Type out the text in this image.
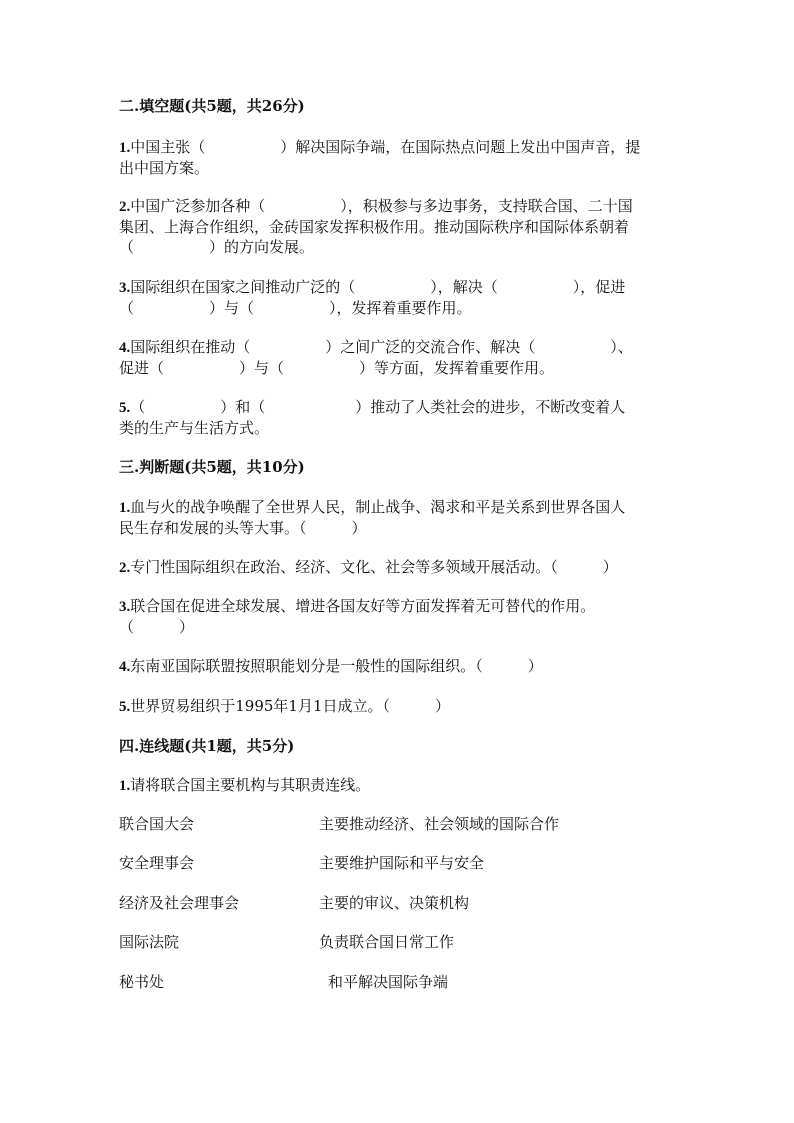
二.填空题(共5题，共26分)
1.中国主张（　　　　　）解决国际争端，在国际热点问题上发出中国声音，提
出中国方案。
2.中国广泛参加各种（　　　　　），积极参与多边事务，支持联合国、二十国
集团、上海合作组织，金砖国家发挥积极作用。推动国际秩序和国际体系朝着
（　　　　　）的方向发展。
3.国际组织在国家之间推动广泛的（　　　　　），解决（　　　　　），促进
（　　　　　）与（　　　　　），发挥着重要作用。
4.国际组织在推动（　　　　　）之间广泛的交流合作、解决（　　　　　）、
促进（　　　　　）与（　　　　　）等方面，发挥着重要作用。
5.（　　　　　）和（　　　　　　）推动了人类社会的进步，不断改变着人
类的生产与生活方式。
三.判断题(共5题，共10分)
1.血与火的战争唤醒了全世界人民，制止战争、渴求和平是关系到世界各国人
民生存和发展的头等大事。（　　　）
2.专门性国际组织在政治、经济、文化、社会等多领域开展活动。（　　　）
3.联合国在促进全球发展、增进各国友好等方面发挥着无可替代的作用。
（　　　）
4.东南亚国际联盟按照职能划分是一般性的国际组织。（　　　）
5.世界贸易组织于1995年1月1日成立。（　　　）
四.连线题(共1题，共5分)
1.请将联合国主要机构与其职责连线。
联合国大会	主要推动经济、社会领域的国际合作
安全理事会	主要维护国际和平与安全
经济及社会理事会	主要的审议、决策机构
国际法院	负责联合国日常工作
秘书处	和平解决国际争端
